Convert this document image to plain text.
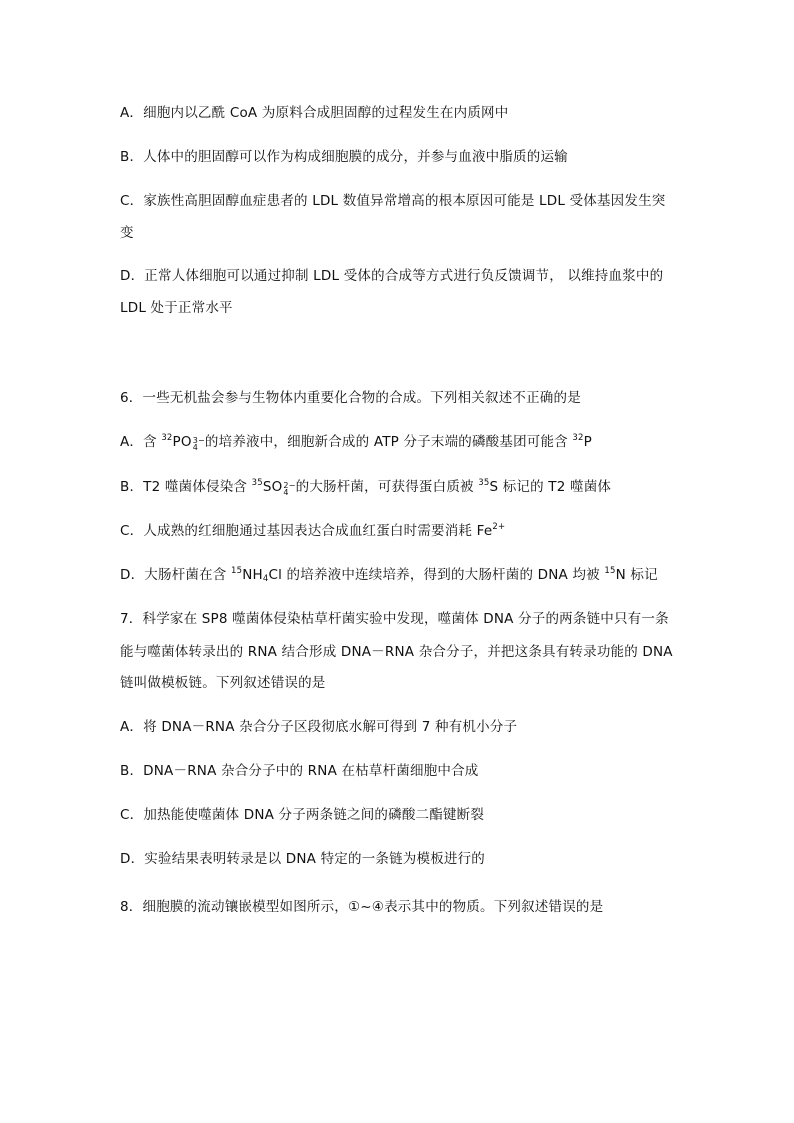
A．细胞内以乙酰 CoA 为原料合成胆固醇的过程发生在内质网中
B．人体中的胆固醇可以作为构成细胞膜的成分，并参与血液中脂质的运输
C．家族性高胆固醇血症患者的 LDL 数值异常增高的根本原因可能是 LDL 受体基因发生突
变
D．正常人体细胞可以通过抑制 LDL 受体的合成等方式进行负反馈调节， 以维持血浆中的
LDL 处于正常水平
6．一些无机盐会参与生物体内重要化合物的合成。下列相关叙述不正确的是
A．含 $^{32}$PO 3−
4 的培养液中，细胞新合成的 ATP 分子末端的磷酸基团可能含 $^{32}$P
B．T2 噬菌体侵染含 $^{35}$SO 2−
4 的大肠杆菌，可获得蛋白质被 $^{35}$S 标记的 T2 噬菌体
C．人成熟的红细胞通过基因表达合成血红蛋白时需要消耗 $Fe^{2+}$
D．大肠杆菌在含 $^{15}NH_4Cl$ 的培养液中连续培养，得到的大肠杆菌的 DNA 均被 $^{15}$N 标记
7．科学家在 SP8 噬菌体侵染枯草杆菌实验中发现，噬菌体 DNA 分子的两条链中只有一条
能与噬菌体转录出的 RNA 结合形成 DNA－RNA 杂合分子，并把这条具有转录功能的 DNA
链叫做模板链。下列叙述错误的是
A．将 DNA－RNA 杂合分子区段彻底水解可得到 7 种有机小分子
B．DNA－RNA 杂合分子中的 RNA 在枯草杆菌细胞中合成
C．加热能使噬菌体 DNA 分子两条链之间的磷酸二酯键断裂
D．实验结果表明转录是以 DNA 特定的一条链为模板进行的
8．细胞膜的流动镶嵌模型如图所示，①~④表示其中的物质。下列叙述错误的是
